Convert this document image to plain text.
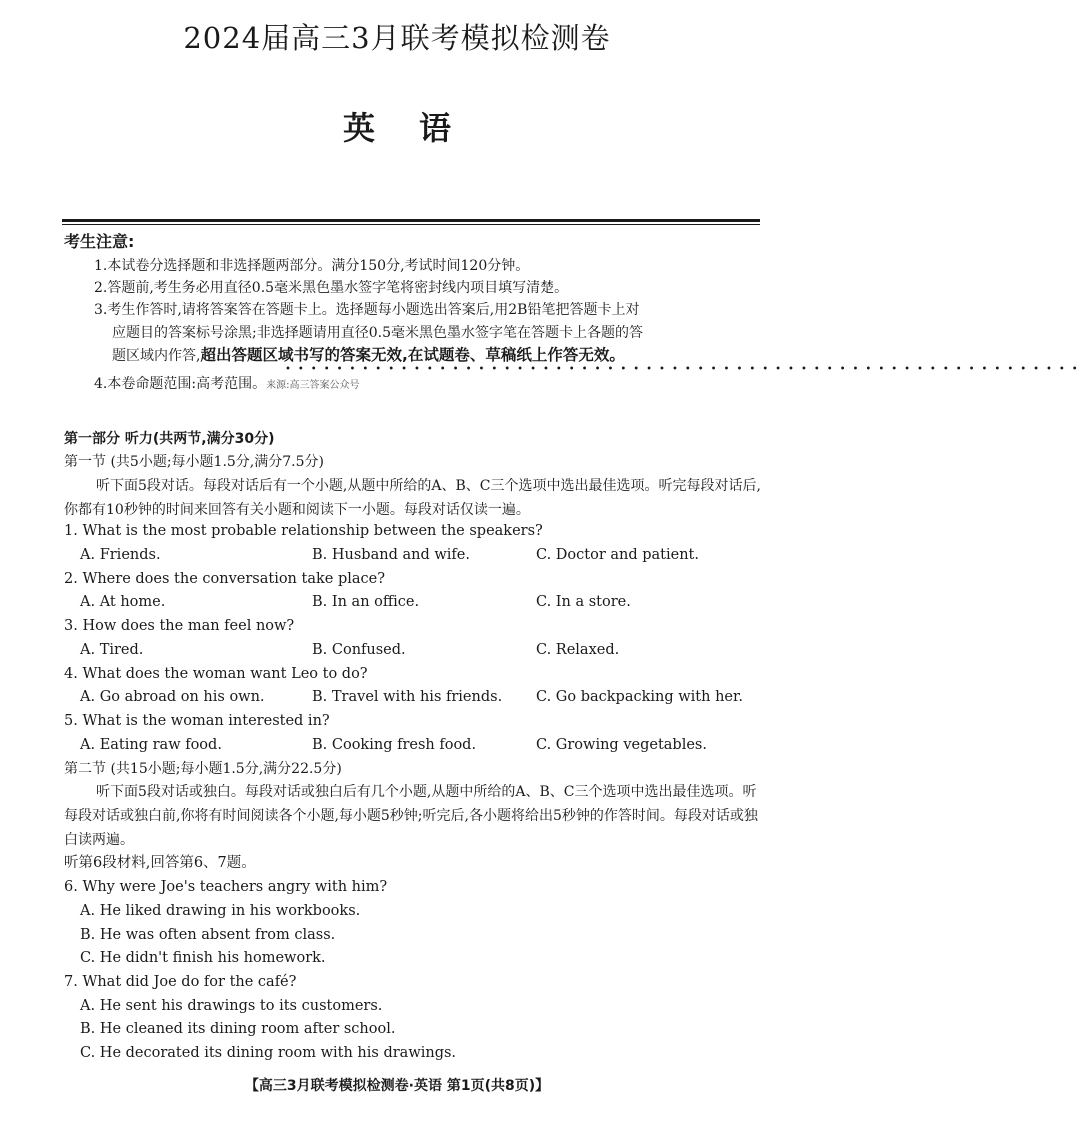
2024届高三3月联考模拟检测卷
英语
考生注意:
1.本试卷分选择题和非选择题两部分。满分150分,考试时间120分钟。
2.答题前,考生务必用直径0.5毫米黑色墨水签字笔将密封线内项目填写清楚。
3.考生作答时,请将答案答在答题卡上。选择题每小题选出答案后,用2B铅笔把答题卡上对
应题目的答案标号涂黑;非选择题请用直径0.5毫米黑色墨水签字笔在答题卡上各题的答
题区域内作答,超出答题区域书写的答案无效,在试题卷、草稿纸上作答无效。
••••••••••••••••••••••••••••••••••••••••••••••••••••••••••••••
4.本卷命题范围:高考范围。来源:高三答案公众号
第一部分 听力(共两节,满分30分)
第一节 (共5小题;每小题1.5分,满分7.5分)
听下面5段对话。每段对话后有一个小题,从题中所给的A、B、C三个选项中选出最佳选项。听完每段对话后,你都有10秒钟的时间来回答有关小题和阅读下一小题。每段对话仅读一遍。
1. What is the most probable relationship between the speakers?
A. Friends.	B. Husband and wife.	C. Doctor and patient.
2. Where does the conversation take place?
A. At home.	B. In an office.	C. In a store.
3. How does the man feel now?
A. Tired.	B. Confused.	C. Relaxed.
4. What does the woman want Leo to do?
A. Go abroad on his own.	B. Travel with his friends. C. Go backpacking with her.
5. What is the woman interested in?
A. Eating raw food.	B. Cooking fresh food.	C. Growing vegetables.
第二节 (共15小题;每小题1.5分,满分22.5分)
听下面5段对话或独白。每段对话或独白后有几个小题,从题中所给的A、B、C三个选项中选出最佳选项。听每段对话或独白前,你将有时间阅读各个小题,每小题5秒钟;听完后,各小题将给出5秒钟的作答时间。每段对话或独白读两遍。
听第6段材料,回答第6、7题。
6. Why were Joe's teachers angry with him?
A. He liked drawing in his workbooks.
B. He was often absent from class.
C. He didn't finish his homework.
7. What did Joe do for the café?
A. He sent his drawings to its customers.
B. He cleaned its dining room after school.
C. He decorated its dining room with his drawings.
【高三3月联考模拟检测卷·英语 第1页(共8页)】
